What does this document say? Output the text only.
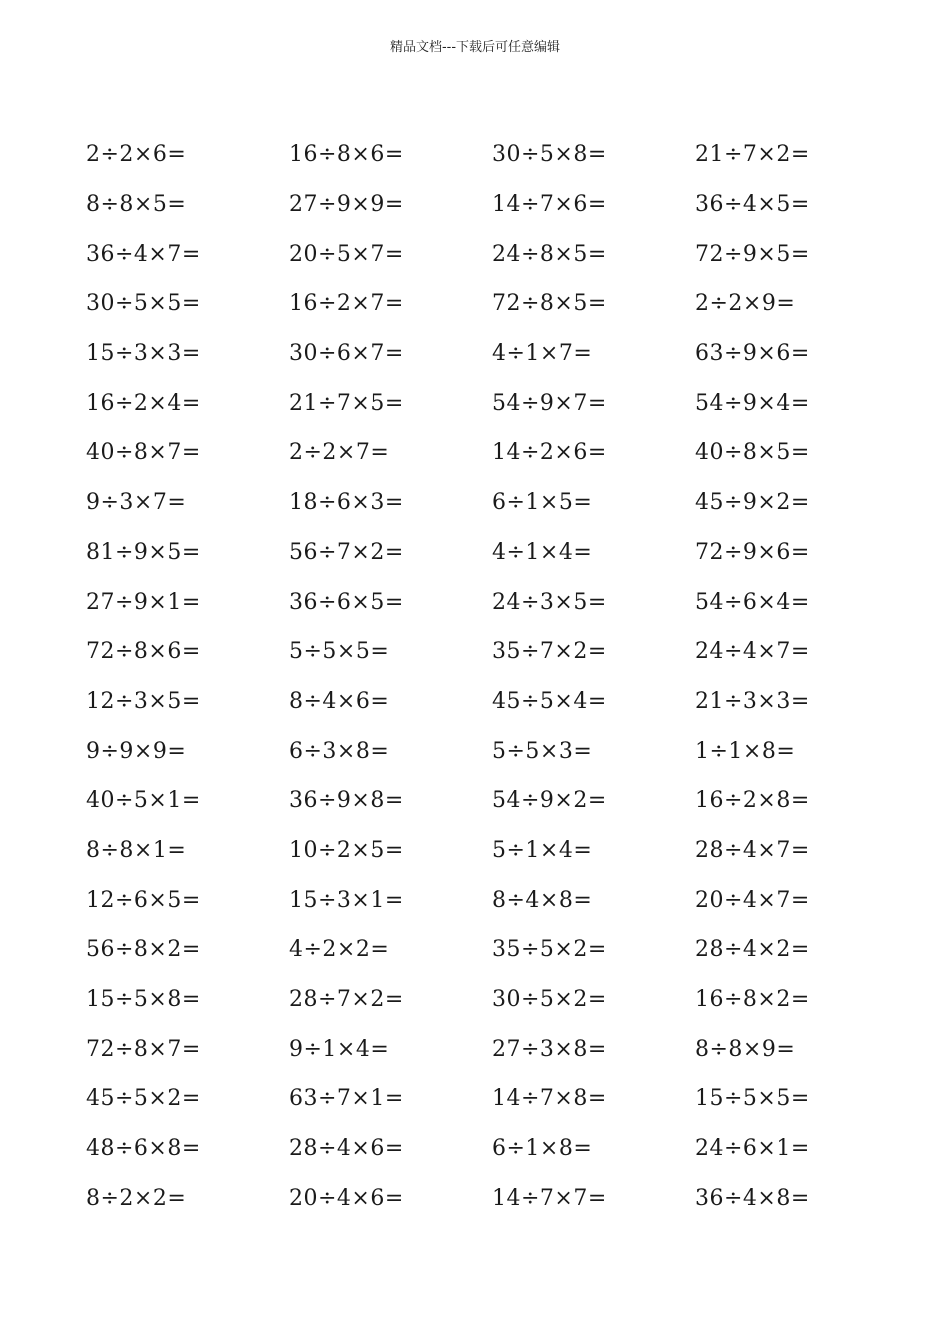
精品文档---下载后可任意编辑
2÷2×6=	16÷8×6=	30÷5×8=	21÷7×2=
8÷8×5=	27÷9×9=	14÷7×6=	36÷4×5=
36÷4×7=	20÷5×7=	24÷8×5=	72÷9×5=
30÷5×5=	16÷2×7=	72÷8×5=	2÷2×9=
15÷3×3=	30÷6×7=	4÷1×7=	63÷9×6=
16÷2×4=	21÷7×5=	54÷9×7=	54÷9×4=
40÷8×7=	2÷2×7=	14÷2×6=	40÷8×5=
9÷3×7=	18÷6×3=	6÷1×5=	45÷9×2=
81÷9×5=	56÷7×2=	4÷1×4=	72÷9×6=
27÷9×1=	36÷6×5=	24÷3×5=	54÷6×4=
72÷8×6=	5÷5×5=	35÷7×2=	24÷4×7=
12÷3×5=	8÷4×6=	45÷5×4=	21÷3×3=
9÷9×9=	6÷3×8=	5÷5×3=	1÷1×8=
40÷5×1=	36÷9×8=	54÷9×2=	16÷2×8=
8÷8×1=	10÷2×5=	5÷1×4=	28÷4×7=
12÷6×5=	15÷3×1=	8÷4×8=	20÷4×7=
56÷8×2=	4÷2×2=	35÷5×2=	28÷4×2=
15÷5×8=	28÷7×2=	30÷5×2=	16÷8×2=
72÷8×7=	9÷1×4=	27÷3×8=	8÷8×9=
45÷5×2=	63÷7×1=	14÷7×8=	15÷5×5=
48÷6×8=	28÷4×6=	6÷1×8=	24÷6×1=
8÷2×2=	20÷4×6=	14÷7×7=	36÷4×8=
